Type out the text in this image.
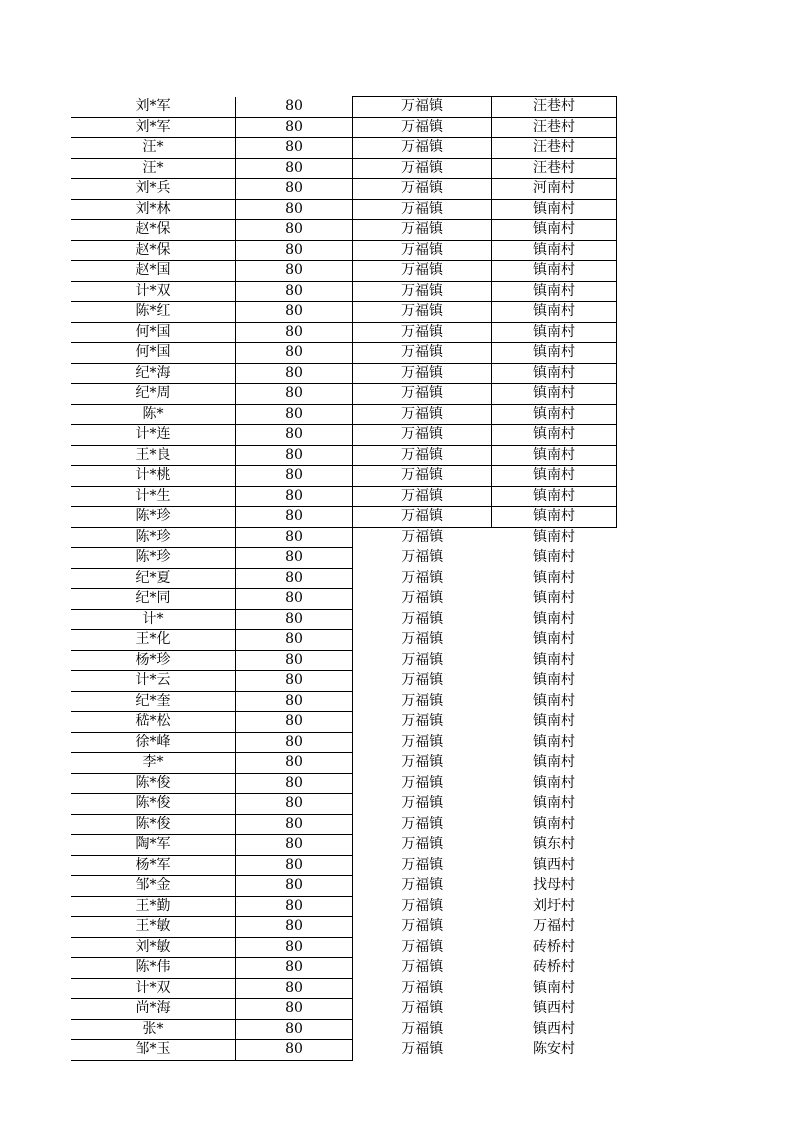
刘*军	80	万福镇	汪巷村
刘*军	80	万福镇	汪巷村
汪*	80	万福镇	汪巷村
汪*	80	万福镇	汪巷村
刘*兵	80	万福镇	河南村
刘*林	80	万福镇	镇南村
赵*保	80	万福镇	镇南村
赵*保	80	万福镇	镇南村
赵*国	80	万福镇	镇南村
计*双	80	万福镇	镇南村
陈*红	80	万福镇	镇南村
何*国	80	万福镇	镇南村
何*国	80	万福镇	镇南村
纪*海	80	万福镇	镇南村
纪*周	80	万福镇	镇南村
陈*	80	万福镇	镇南村
计*连	80	万福镇	镇南村
王*良	80	万福镇	镇南村
计*桃	80	万福镇	镇南村
计*生	80	万福镇	镇南村
陈*珍	80	万福镇	镇南村
陈*珍	80	万福镇	镇南村
陈*珍	80	万福镇	镇南村
纪*夏	80	万福镇	镇南村
纪*同	80	万福镇	镇南村
计*	80	万福镇	镇南村
王*化	80	万福镇	镇南村
杨*珍	80	万福镇	镇南村
计*云	80	万福镇	镇南村
纪*奎	80	万福镇	镇南村
嵇*松	80	万福镇	镇南村
徐*峰	80	万福镇	镇南村
李*	80	万福镇	镇南村
陈*俊	80	万福镇	镇南村
陈*俊	80	万福镇	镇南村
陈*俊	80	万福镇	镇南村
陶*军	80	万福镇	镇东村
杨*军	80	万福镇	镇西村
邹*金	80	万福镇	找母村
王*勤	80	万福镇	刘圩村
王*敏	80	万福镇	万福村
刘*敏	80	万福镇	砖桥村
陈*伟	80	万福镇	砖桥村
计*双	80	万福镇	镇南村
尚*海	80	万福镇	镇西村
张*	80	万福镇	镇西村
邹*玉	80	万福镇	陈安村
